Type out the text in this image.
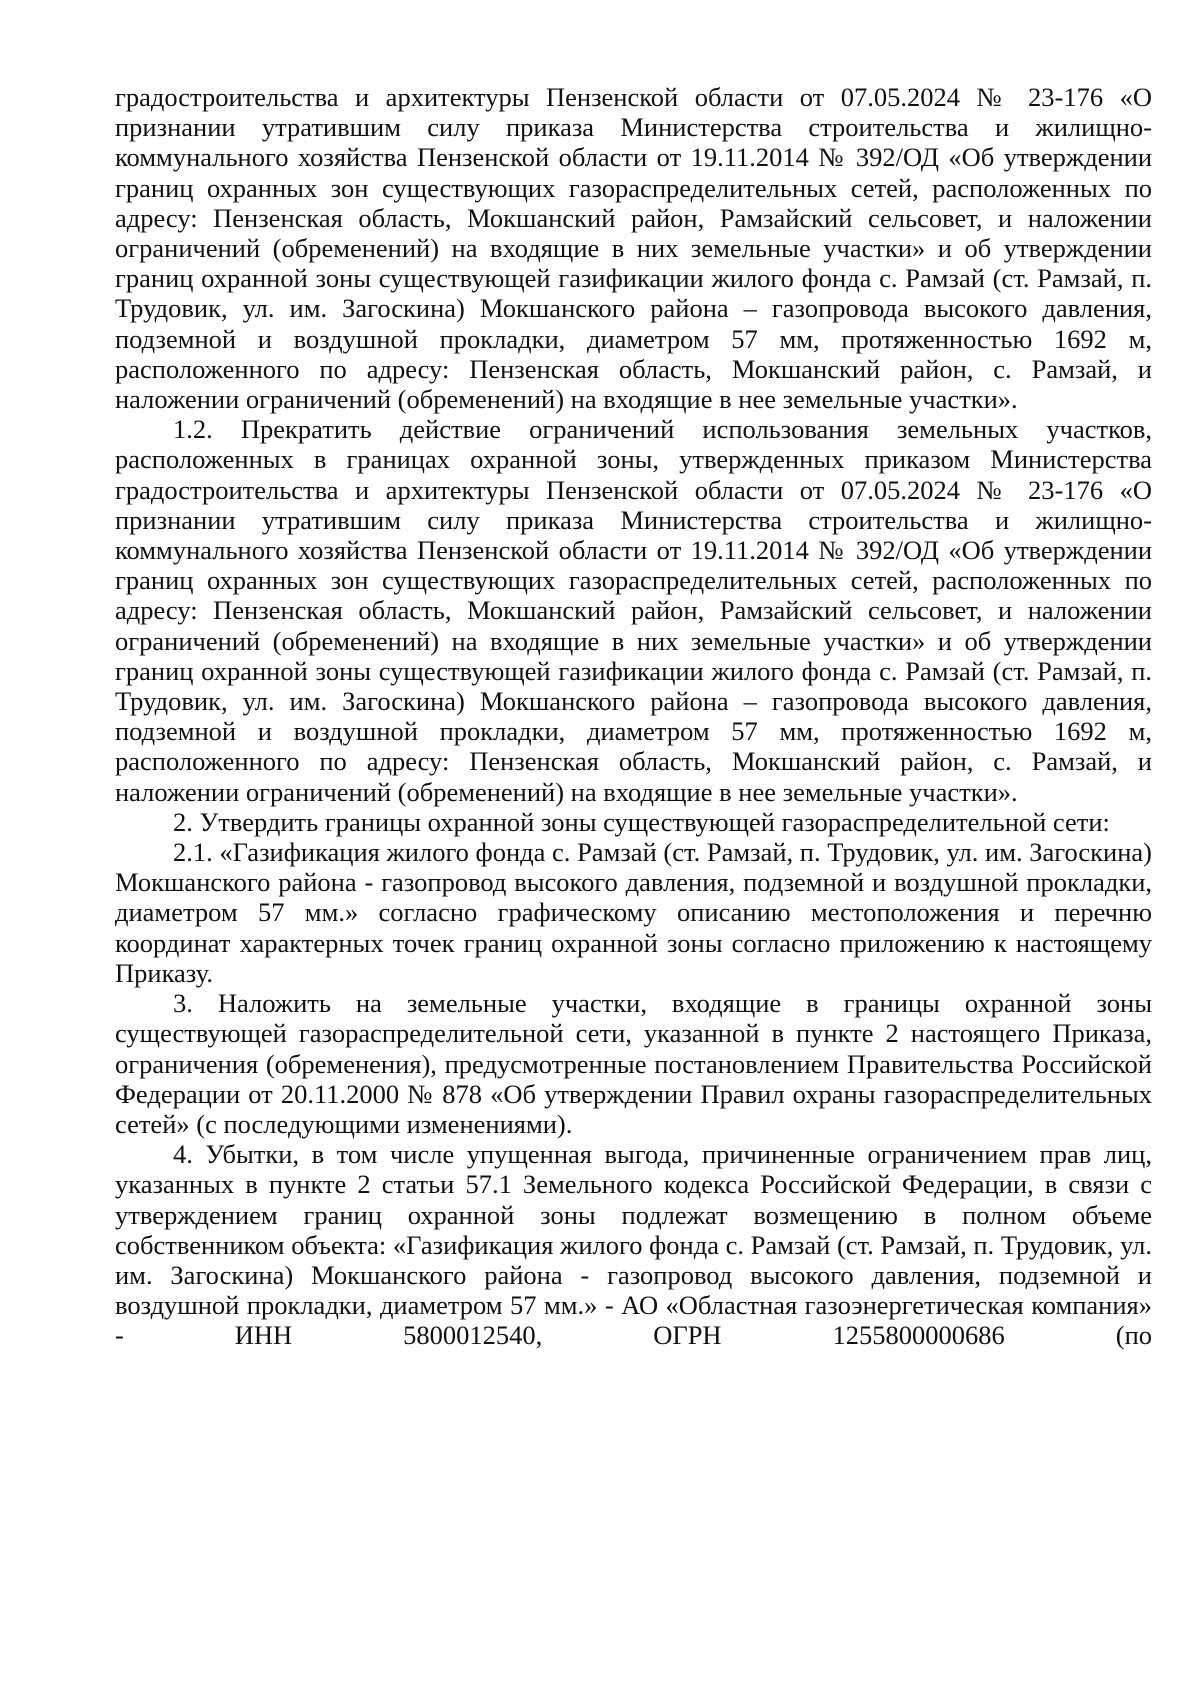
градостроительства и архитектуры Пензенской области от 07.05.2024 № 23-176 «О признании утратившим силу приказа Министерства строительства и жилищно-коммунального хозяйства Пензенской области от 19.11.2014 № 392/ОД «Об утверждении границ охранных зон существующих газораспределительных сетей, расположенных по адресу: Пензенская область, Мокшанский район, Рамзайский сельсовет, и наложении ограничений (обременений) на входящие в них земельные участки» и об утверждении границ охранной зоны существующей газификации жилого фонда с. Рамзай (ст. Рамзай, п. Трудовик, ул. им. Загоскина) Мокшанского района – газопровода высокого давления, подземной и воздушной прокладки, диаметром 57 мм, протяженностью 1692 м, расположенного по адресу: Пензенская область, Мокшанский район, с. Рамзай, и наложении ограничений (обременений) на входящие в нее земельные участки».

1.2. Прекратить действие ограничений использования земельных участков, расположенных в границах охранной зоны, утвержденных приказом Министерства градостроительства и архитектуры Пензенской области от 07.05.2024 № 23-176 «О признании утратившим силу приказа Министерства строительства и жилищно-коммунального хозяйства Пензенской области от 19.11.2014 № 392/ОД «Об утверждении границ охранных зон существующих газораспределительных сетей, расположенных по адресу: Пензенская область, Мокшанский район, Рамзайский сельсовет, и наложении ограничений (обременений) на входящие в них земельные участки» и об утверждении границ охранной зоны существующей газификации жилого фонда с. Рамзай (ст. Рамзай, п. Трудовик, ул. им. Загоскина) Мокшанского района – газопровода высокого давления, подземной и воздушной прокладки, диаметром 57 мм, протяженностью 1692 м, расположенного по адресу: Пензенская область, Мокшанский район, с. Рамзай, и наложении ограничений (обременений) на входящие в нее земельные участки».

2. Утвердить границы охранной зоны существующей газораспределительной сети:

2.1. «Газификация жилого фонда с. Рамзай (ст. Рамзай, п. Трудовик, ул. им. Загоскина) Мокшанского района - газопровод высокого давления, подземной и воздушной прокладки, диаметром 57 мм.» согласно графическому описанию местоположения и перечню координат характерных точек границ охранной зоны согласно приложению к настоящему Приказу.

3. Наложить на земельные участки, входящие в границы охранной зоны существующей газораспределительной сети, указанной в пункте 2 настоящего Приказа, ограничения (обременения), предусмотренные постановлением Правительства Российской Федерации от 20.11.2000 № 878 «Об утверждении Правил охраны газораспределительных сетей» (с последующими изменениями).

4. Убытки, в том числе упущенная выгода, причиненные ограничением прав лиц, указанных в пункте 2 статьи 57.1 Земельного кодекса Российской Федерации, в связи с утверждением границ охранной зоны подлежат возмещению в полном объеме собственником объекта: «Газификация жилого фонда с. Рамзай (ст. Рамзай, п. Трудовик, ул. им. Загоскина) Мокшанского района - газопровод высокого давления, подземной и воздушной прокладки, диаметром 57 мм.» - АО «Областная газоэнергетическая компания» - ИНН 5800012540, ОГРН 1255800000686 (по
